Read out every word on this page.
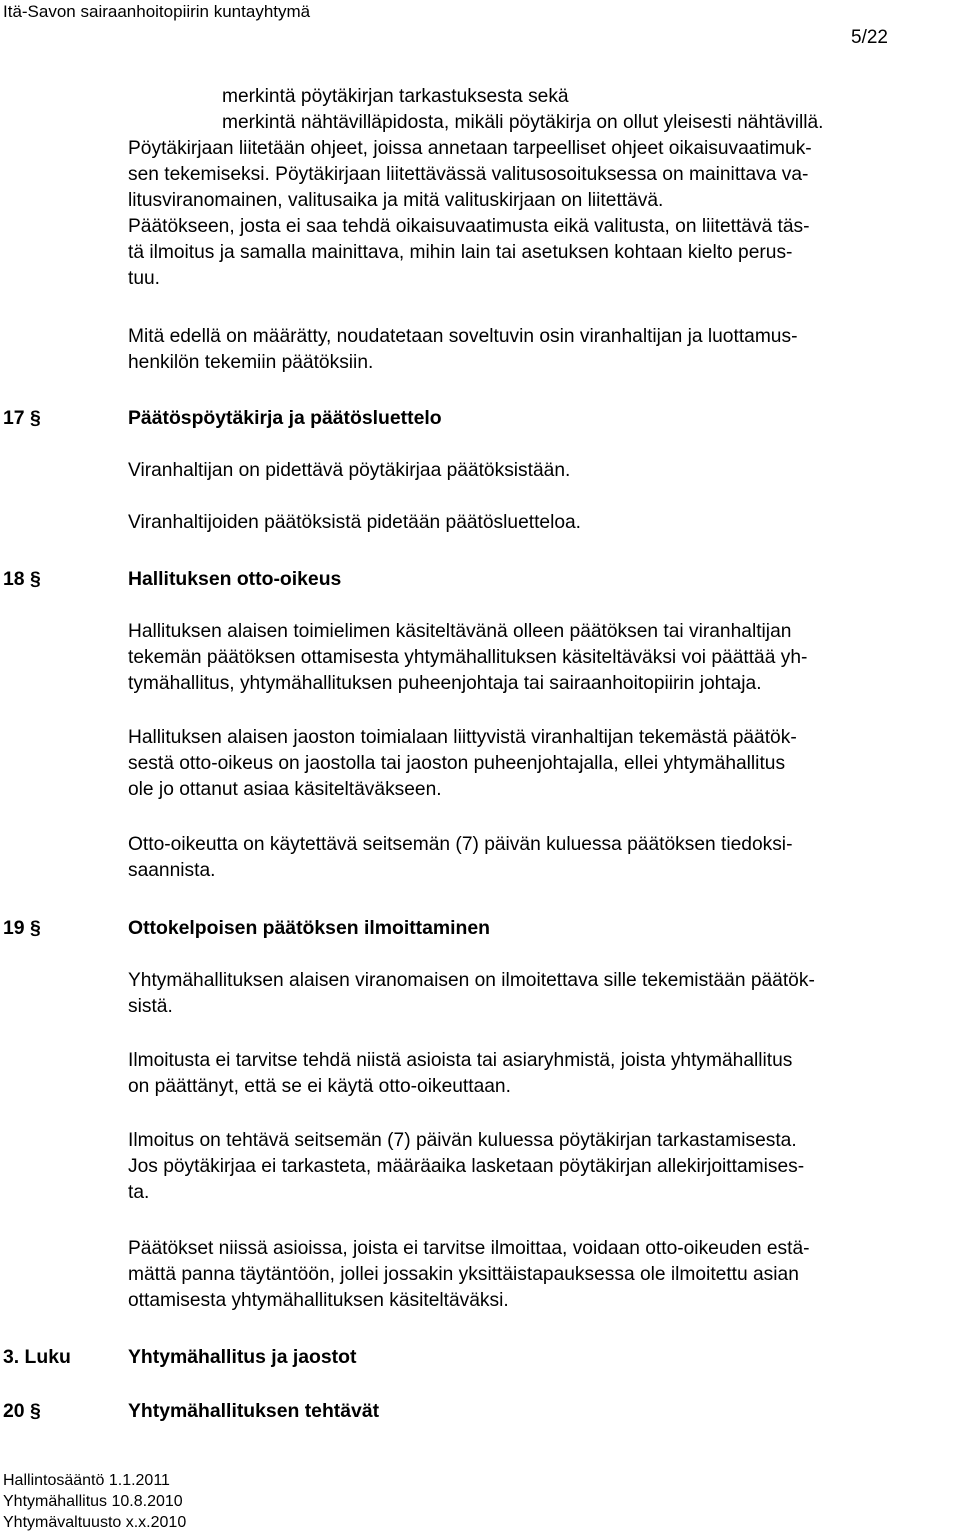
Itä-Savon sairaanhoitopiirin kuntayhtymä
5/22
merkintä pöytäkirjan tarkastuksesta sekä
merkintä nähtävilläpidosta, mikäli pöytäkirja on ollut yleisesti nähtävillä.
Pöytäkirjaan liitetään ohjeet, joissa annetaan tarpeelliset ohjeet oikaisuvaatimuk-
sen tekemiseksi. Pöytäkirjaan liitettävässä valitusosoituksessa on mainittava va-
litusviranomainen, valitusaika ja mitä valituskirjaan on liitettävä.
Päätökseen, josta ei saa tehdä oikaisuvaatimusta eikä valitusta, on liitettävä täs-
tä ilmoitus ja samalla mainittava, mihin lain tai asetuksen kohtaan kielto perus-
tuu.
Mitä edellä on määrätty, noudatetaan soveltuvin osin viranhaltijan ja luottamus-
henkilön tekemiin päätöksiin.
17 §	Päätöspöytäkirja ja päätösluettelo
Viranhaltijan on pidettävä pöytäkirjaa päätöksistään.
Viranhaltijoiden päätöksistä pidetään päätösluetteloa.
18 §	Hallituksen otto-oikeus
Hallituksen alaisen toimielimen käsiteltävänä olleen päätöksen tai viranhaltijan
tekemän päätöksen ottamisesta yhtymähallituksen käsiteltäväksi voi päättää yh-
tymähallitus, yhtymähallituksen puheenjohtaja tai sairaanhoitopiirin johtaja.
Hallituksen alaisen jaoston toimialaan liittyvistä viranhaltijan tekemästä päätök-
sestä otto-oikeus on jaostolla tai jaoston puheenjohtajalla, ellei yhtymähallitus
ole jo ottanut asiaa käsiteltäväkseen.
Otto-oikeutta on käytettävä seitsemän (7) päivän kuluessa päätöksen tiedoksi-
saannista.
19 §	Ottokelpoisen päätöksen ilmoittaminen
Yhtymähallituksen alaisen viranomaisen on ilmoitettava sille tekemistään päätök-
sistä.
Ilmoitusta ei tarvitse tehdä niistä asioista tai asiaryhmistä, joista yhtymähallitus
on päättänyt, että se ei käytä otto-oikeuttaan.
Ilmoitus on tehtävä seitsemän (7) päivän kuluessa pöytäkirjan tarkastamisesta.
Jos pöytäkirjaa ei tarkasteta, määräaika lasketaan pöytäkirjan allekirjoittamises-
ta.
Päätökset niissä asioissa, joista ei tarvitse ilmoittaa, voidaan otto-oikeuden estä-
mättä panna täytäntöön, jollei jossakin yksittäistapauksessa ole ilmoitettu asian
ottamisesta yhtymähallituksen käsiteltäväksi.
3. Luku	Yhtymähallitus ja jaostot
20 §	Yhtymähallituksen tehtävät
Hallintosääntö 1.1.2011
Yhtymähallitus 10.8.2010
Yhtymävaltuusto x.x.2010
